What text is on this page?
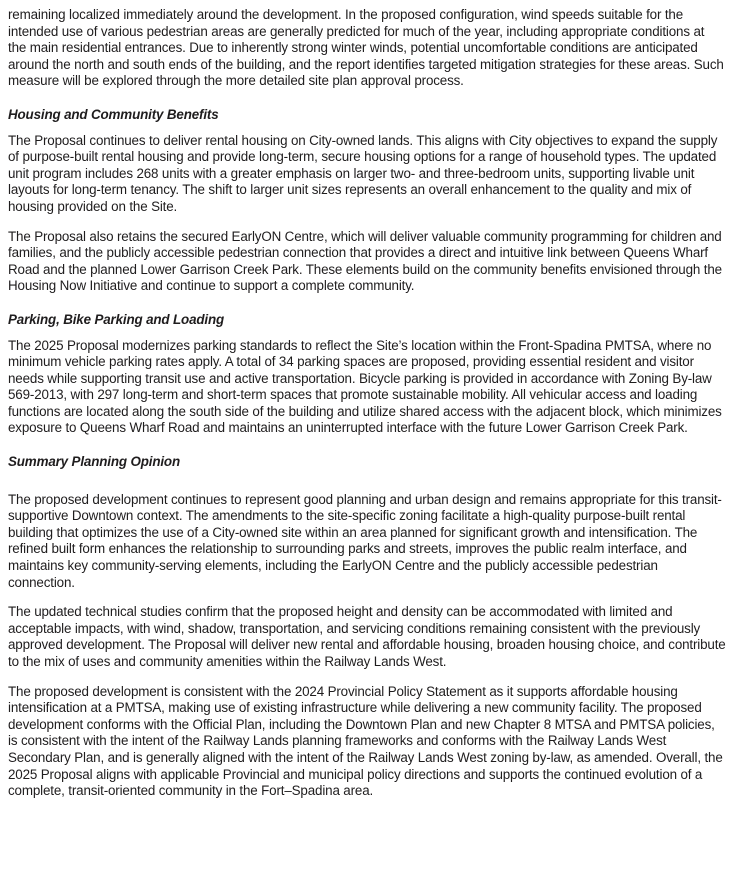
remaining localized immediately around the development. In the proposed configuration, wind speeds suitable for the intended use of various pedestrian areas are generally predicted for much of the year, including appropriate conditions at the main residential entrances. Due to inherently strong winter winds, potential uncomfortable conditions are anticipated around the north and south ends of the building, and the report identifies targeted mitigation strategies for these areas. Such measure will be explored through the more detailed site plan approval process.

Housing and Community Benefits

The Proposal continues to deliver rental housing on City-owned lands. This aligns with City objectives to expand the supply of purpose-built rental housing and provide long-term, secure housing options for a range of household types. The updated unit program includes 268 units with a greater emphasis on larger two- and three-bedroom units, supporting livable unit layouts for long-term tenancy. The shift to larger unit sizes represents an overall enhancement to the quality and mix of housing provided on the Site.

The Proposal also retains the secured EarlyON Centre, which will deliver valuable community programming for children and families, and the publicly accessible pedestrian connection that provides a direct and intuitive link between Queens Wharf Road and the planned Lower Garrison Creek Park. These elements build on the community benefits envisioned through the Housing Now Initiative and continue to support a complete community.

Parking, Bike Parking and Loading

The 2025 Proposal modernizes parking standards to reflect the Site’s location within the Front-Spadina PMTSA, where no minimum vehicle parking rates apply. A total of 34 parking spaces are proposed, providing essential resident and visitor needs while supporting transit use and active transportation. Bicycle parking is provided in accordance with Zoning By-law 569-2013, with 297 long-term and short-term spaces that promote sustainable mobility. All vehicular access and loading functions are located along the south side of the building and utilize shared access with the adjacent block, which minimizes exposure to Queens Wharf Road and maintains an uninterrupted interface with the future Lower Garrison Creek Park.

Summary Planning Opinion

The proposed development continues to represent good planning and urban design and remains appropriate for this transit-supportive Downtown context. The amendments to the site-specific zoning facilitate a high-quality purpose-built rental building that optimizes the use of a City-owned site within an area planned for significant growth and intensification. The refined built form enhances the relationship to surrounding parks and streets, improves the public realm interface, and maintains key community-serving elements, including the EarlyON Centre and the publicly accessible pedestrian connection.

The updated technical studies confirm that the proposed height and density can be accommodated with limited and acceptable impacts, with wind, shadow, transportation, and servicing conditions remaining consistent with the previously approved development. The Proposal will deliver new rental and affordable housing, broaden housing choice, and contribute to the mix of uses and community amenities within the Railway Lands West.

The proposed development is consistent with the 2024 Provincial Policy Statement as it supports affordable housing intensification at a PMTSA, making use of existing infrastructure while delivering a new community facility. The proposed development conforms with the Official Plan, including the Downtown Plan and new Chapter 8 MTSA and PMTSA policies, is consistent with the intent of the Railway Lands planning frameworks and conforms with the Railway Lands West Secondary Plan, and is generally aligned with the intent of the Railway Lands West zoning by-law, as amended. Overall, the 2025 Proposal aligns with applicable Provincial and municipal policy directions and supports the continued evolution of a complete, transit-oriented community in the Fort–Spadina area.
